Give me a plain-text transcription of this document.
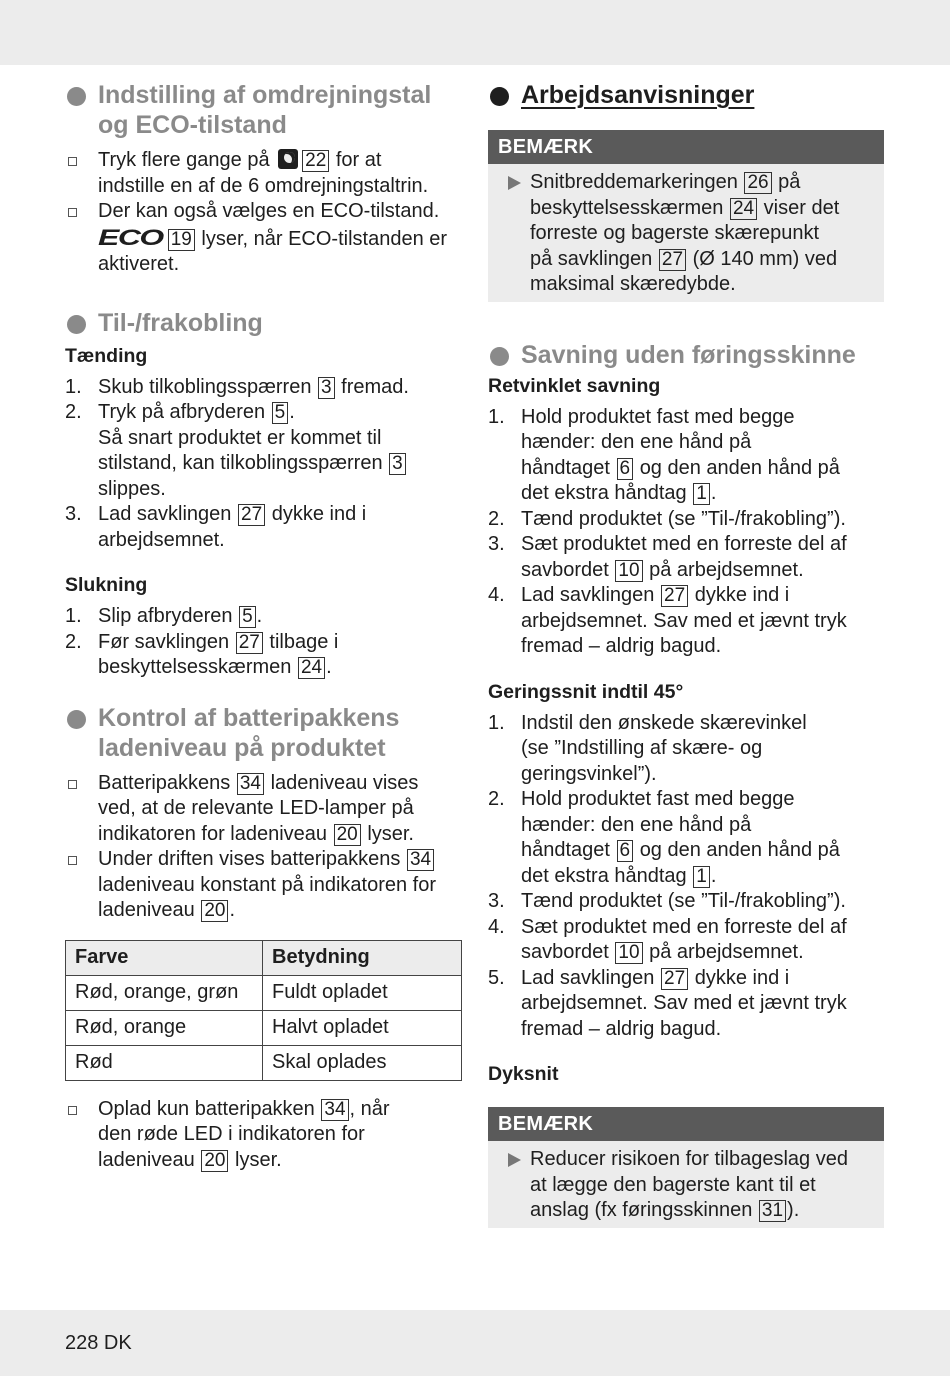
Indstilling af omdrejningstal
og ECO-tilstand
Tryk flere gange på 22 for at
indstille en af de 6 omdrejningstaltrin.
Der kan også vælges en ECO-tilstand.
ECO 19 lyser, når ECO-tilstanden er
aktiveret.
Til-/frakobling
Tænding
1. Skub tilkoblingsspærren 3 fremad.
2. Tryk på afbryderen 5 .
Så snart produktet er kommet til
stilstand, kan tilkoblingsspærren 3
slippes.
3. Lad savklingen 27 dykke ind i
arbejdsemnet.
Slukning
1. Slip afbryderen 5 .
2. Før savklingen 27 tilbage i
beskyttelsesskærmen 24 .
Kontrol af batteripakkens
ladeniveau på produktet
Batteripakkens 34 ladeniveau vises
ved, at de relevante LED-lamper på
indikatoren for ladeniveau 20 lyser.
Under driften vises batteripakkens 34
ladeniveau konstant på indikatoren for
ladeniveau 20 .
Farve	Betydning
Rød, orange, grøn	Fuldt opladet
Rød, orange	Halvt opladet
Rød	Skal oplades
Oplad kun batteripakken 34 , når
den røde LED i indikatoren for
ladeniveau 20 lyser.
Arbejdsanvisninger
BEMÆRK
Snitbreddemarkeringen 26 på
beskyttelsesskærmen 24 viser det
forreste og bagerste skærepunkt
på savklingen 27 (Ø 140 mm) ved
maksimal skæredybde.
Savning uden føringsskinne
Retvinklet savning
1. Hold produktet fast med begge
hænder: den ene hånd på
håndtaget 6 og den anden hånd på
det ekstra håndtag 1 .
2. Tænd produktet (se ”Til-/frakobling”).
3. Sæt produktet med en forreste del af
savbordet 10 på arbejdsemnet.
4. Lad savklingen 27 dykke ind i
arbejdsemnet. Sav med et jævnt tryk
fremad – aldrig bagud.
Geringssnit indtil 45°
1. Indstil den ønskede skærevinkel
(se ”Indstilling af skære- og
geringsvinkel”).
2. Hold produktet fast med begge
hænder: den ene hånd på
håndtaget 6 og den anden hånd på
det ekstra håndtag 1 .
3. Tænd produktet (se ”Til-/frakobling”).
4. Sæt produktet med en forreste del af
savbordet 10 på arbejdsemnet.
5. Lad savklingen 27 dykke ind i
arbejdsemnet. Sav med et jævnt tryk
fremad – aldrig bagud.
Dyksnit
BEMÆRK
Reducer risikoen for tilbageslag ved
at lægge den bagerste kant til et
anslag (fx føringsskinnen 31 ).
228 DK
